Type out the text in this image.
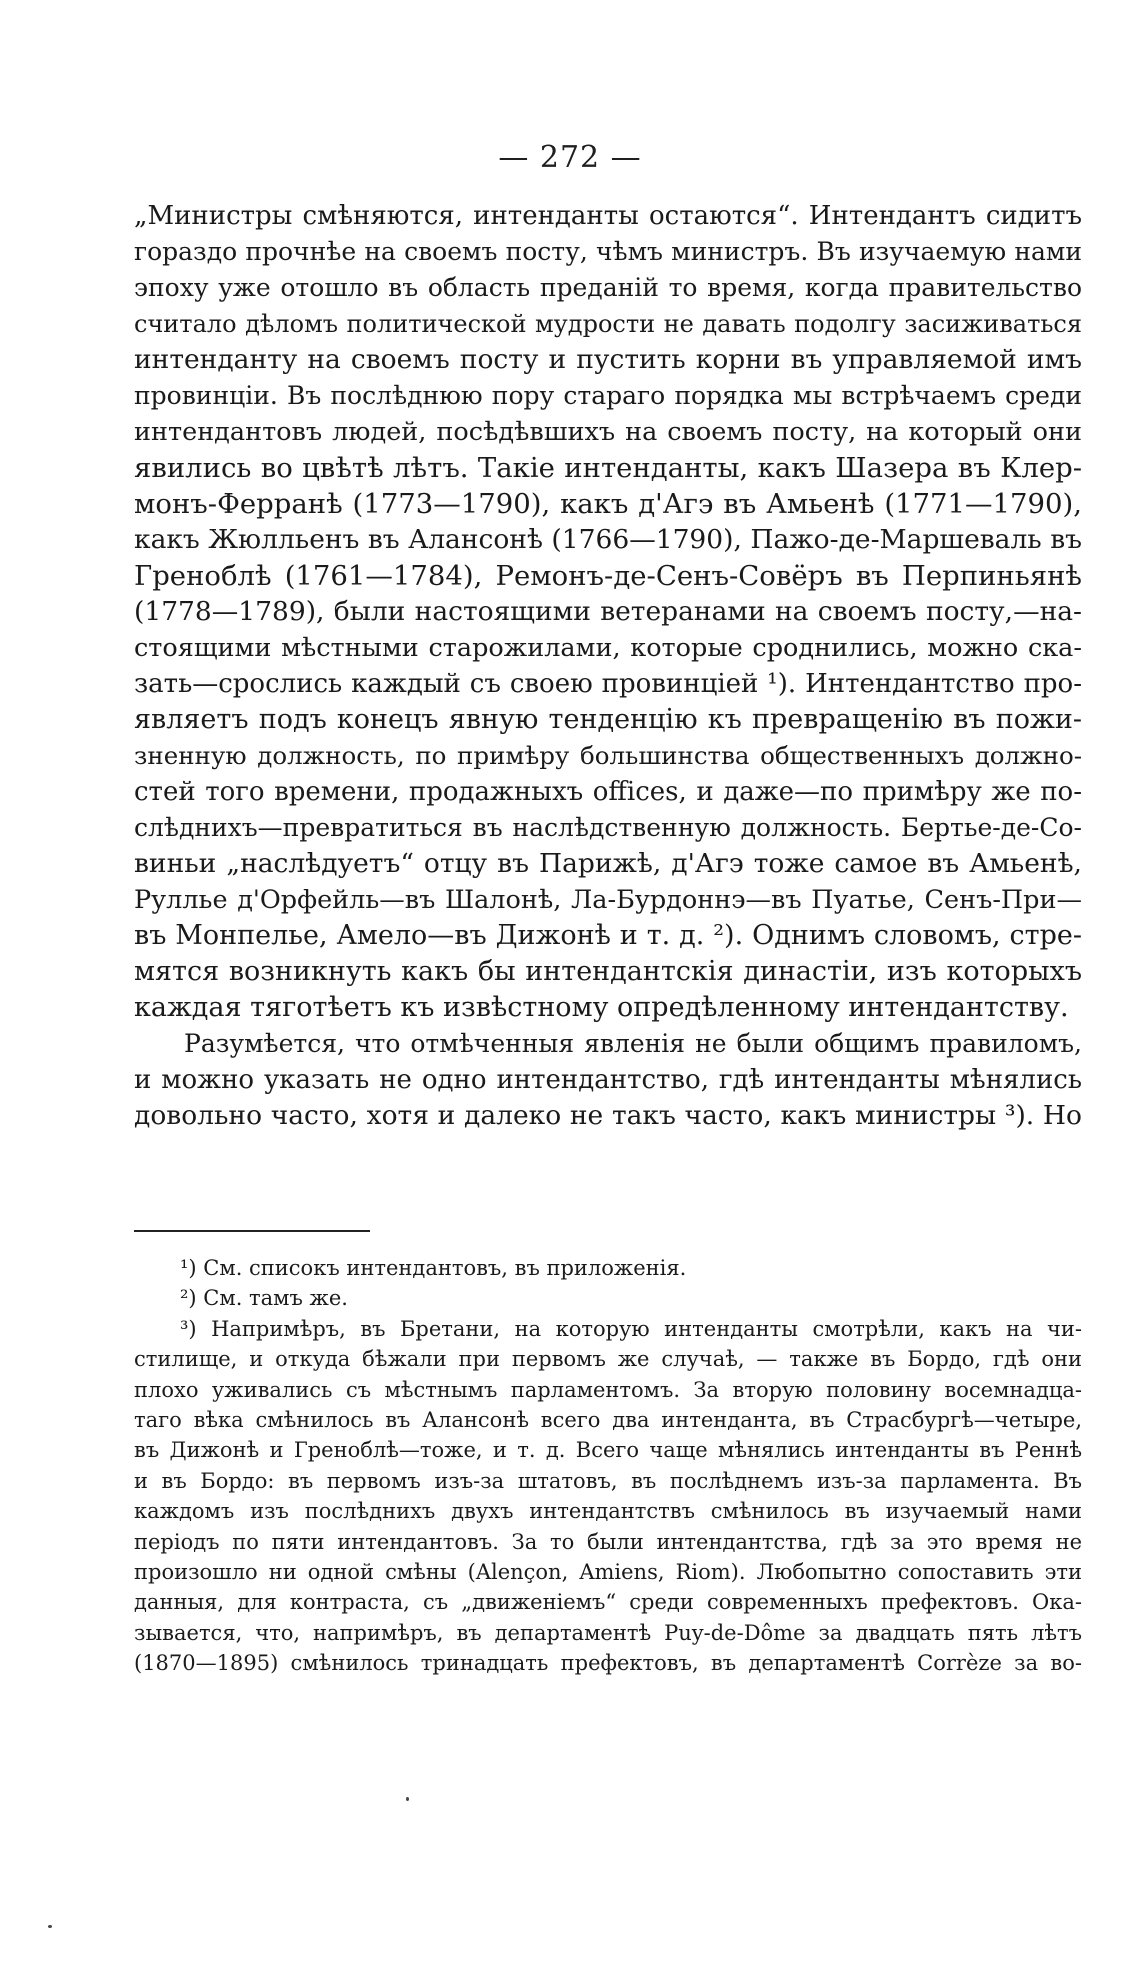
— 272 —
„Министры смѣняются, интенданты остаются“. Интендантъ сидитъ
гораздо прочнѣе на своемъ посту, чѣмъ министръ. Въ изучаемую нами
эпоху уже отошло въ область преданій то время, когда правительство
считало дѣломъ политической мудрости не давать подолгу засиживаться
интенданту на своемъ посту и пустить корни въ управляемой имъ
провинціи. Въ послѣднюю пору стараго порядка мы встрѣчаемъ среди
интендантовъ людей, посѣдѣвшихъ на своемъ посту, на который они
явились во цвѣтѣ лѣтъ. Такіе интенданты, какъ Шазера въ Клер-
монъ-Ферранѣ (1773—1790), какъ д'Агэ въ Амьенѣ (1771—1790),
какъ Жюлльенъ въ Алансонѣ (1766—1790), Пажо-де-Маршеваль въ
Греноблѣ (1761—1784), Ремонъ-де-Сенъ-Совёръ въ Перпиньянѣ
(1778—1789), были настоящими ветеранами на своемъ посту,—на-
стоящими мѣстными старожилами, которые сроднились, можно ска-
зать—срослись каждый съ своею провинціей ¹). Интендантство про-
являетъ подъ конецъ явную тенденцію къ превращенію въ пожи-
зненную должность, по примѣру большинства общественныхъ должно-
стей того времени, продажныхъ offices, и даже—по примѣру же по-
слѣднихъ—превратиться въ наслѣдственную должность. Бертье-де-Со-
виньи „наслѣдуетъ“ отцу въ Парижѣ, д'Агэ тоже самое въ Амьенѣ,
Руллье д'Орфейль—въ Шалонѣ, Ла-Бурдоннэ—въ Пуатье, Сенъ-При—
въ Монпелье, Амело—въ Дижонѣ и т. д. ²). Однимъ словомъ, стре-
мятся возникнуть какъ бы интендантскія династіи, изъ которыхъ
каждая тяготѣетъ къ извѣстному опредѣленному интендантству.
Разумѣется, что отмѣченныя явленія не были общимъ правиломъ,
и можно указать не одно интендантство, гдѣ интенданты мѣнялись
довольно часто, хотя и далеко не такъ часто, какъ министры ³). Но
¹) См. списокъ интендантовъ, въ приложенія.
²) См. тамъ же.
³) Напримѣръ, въ Бретани, на которую интенданты смотрѣли, какъ на чи-
стилище, и откуда бѣжали при первомъ же случаѣ, — также въ Бордо, гдѣ они
плохо уживались съ мѣстнымъ парламентомъ. За вторую половину восемнадца-
таго вѣка смѣнилось въ Алансонѣ всего два интенданта, въ Страсбургѣ—четыре,
въ Дижонѣ и Греноблѣ—тоже, и т. д. Всего чаще мѣнялись интенданты въ Реннѣ
и въ Бордо: въ первомъ изъ-за штатовъ, въ послѣднемъ изъ-за парламента. Въ
каждомъ изъ послѣднихъ двухъ интендантствъ смѣнилось въ изучаемый нами
періодъ по пяти интендантовъ. За то были интендантства, гдѣ за это время не
произошло ни одной смѣны (Alençon, Amiens, Riom). Любопытно сопоставить эти
данныя, для контраста, съ „движеніемъ“ среди современныхъ префектовъ. Ока-
зывается, что, напримѣръ, въ департаментѣ Puy-de-Dôme за двадцать пять лѣтъ
(1870—1895) смѣнилось тринадцать префектовъ, въ департаментѣ Corrèze за во-
